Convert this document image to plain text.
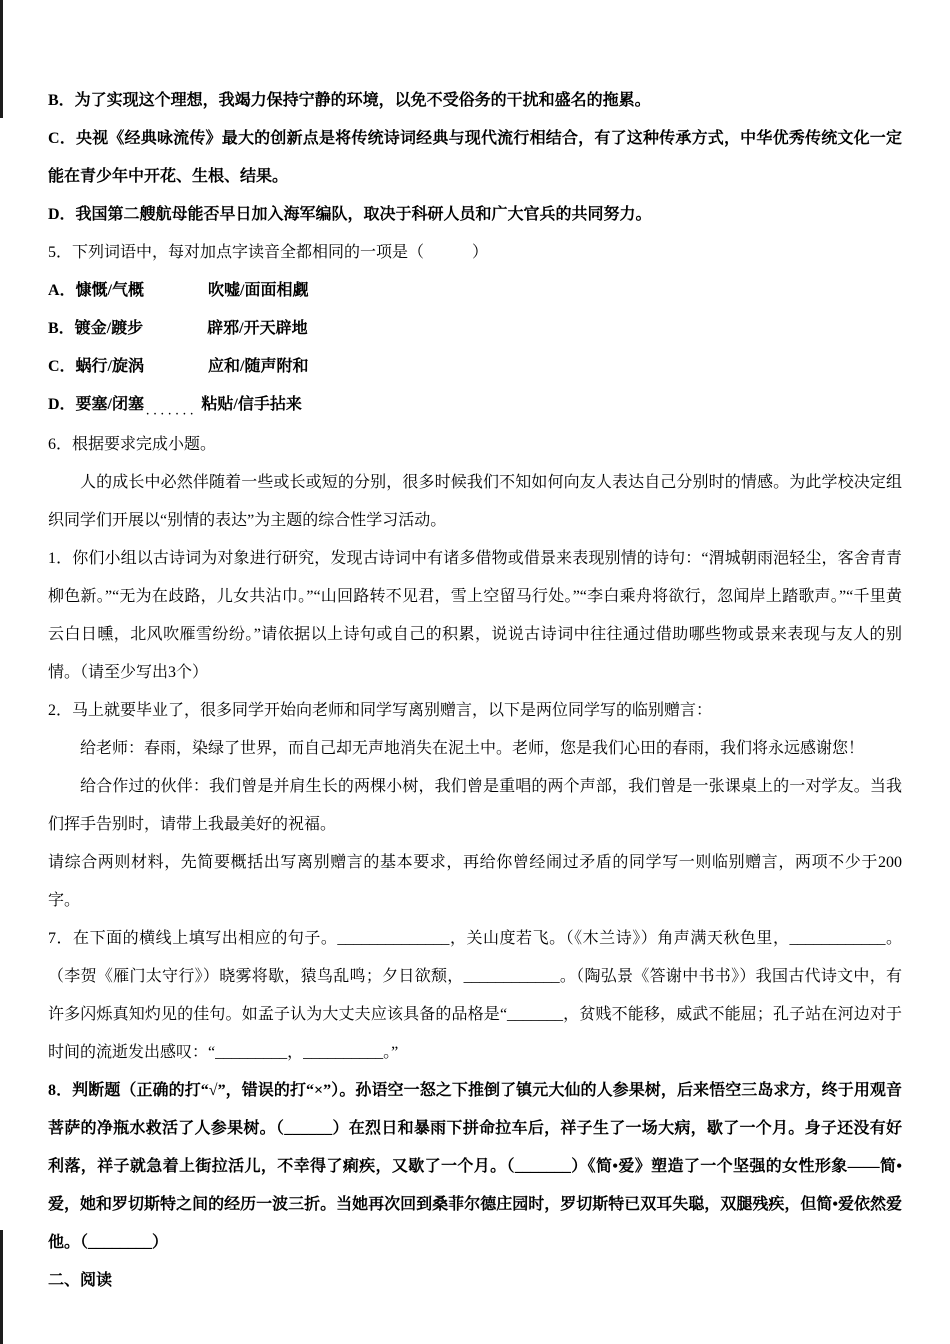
B．为了实现这个理想，我竭力保持宁静的环境，以免不受俗务的干扰和盛名的拖累。

C．央视《经典咏流传》最大的创新点是将传统诗词经典与现代流行相结合，有了这种传承方式，中华优秀传统文化一定能在青少年中开花、生根、结果。

D．我国第二艘航母能否早日加入海军编队，取决于科研人员和广大官兵的共同努力。

5．下列词语中，每对加点字读音全都相同的一项是（　　　）

A．慷慨/气概　　　　吹嘘/面面相觑

B．镀金/踱步　　　　辟邪/开天辟地

C．蜗行/旋涡　　　　应和/随声附和

D．要塞/闭塞·······粘贴/信手拈来

6．根据要求完成小题。

人的成长中必然伴随着一些或长或短的分别，很多时候我们不知如何向友人表达自己分别时的情感。为此学校决定组织同学们开展以“别情的表达”为主题的综合性学习活动。

1．你们小组以古诗词为对象进行研究，发现古诗词中有诸多借物或借景来表现别情的诗句：“渭城朝雨浥轻尘，客舍青青柳色新。”“无为在歧路，儿女共沾巾。”“山回路转不见君，雪上空留马行处。”“李白乘舟将欲行，忽闻岸上踏歌声。”“千里黄云白日曛，北风吹雁雪纷纷。”请依据以上诗句或自己的积累，说说古诗词中往往通过借助哪些物或景来表现与友人的别情。（请至少写出3个）

2．马上就要毕业了，很多同学开始向老师和同学写离别赠言，以下是两位同学写的临别赠言：

给老师：春雨，染绿了世界，而自己却无声地消失在泥土中。老师，您是我们心田的春雨，我们将永远感谢您！

给合作过的伙伴：我们曾是并肩生长的两棵小树，我们曾是重唱的两个声部，我们曾是一张课桌上的一对学友。当我们挥手告别时，请带上我最美好的祝福。

请综合两则材料，先简要概括出写离别赠言的基本要求，再给你曾经闹过矛盾的同学写一则临别赠言，两项不少于200字。

7．在下面的横线上填写出相应的句子。______________，关山度若飞。（《木兰诗》）角声满天秋色里，____________。（李贺《雁门太守行》）晓雾将歇，猿鸟乱鸣；夕日欲颓，____________。（陶弘景《答谢中书书》）我国古代诗文中，有许多闪烁真知灼见的佳句。如孟子认为大丈夫应该具备的品格是“_______，贫贱不能移，威武不能屈；孔子站在河边对于时间的流逝发出感叹：“_________，__________。”

8．判断题（正确的打“√”，错误的打“×”）。孙语空一怒之下推倒了镇元大仙的人参果树，后来悟空三岛求方，终于用观音菩萨的净瓶水救活了人参果树。（______）在烈日和暴雨下拼命拉车后，祥子生了一场大病，歇了一个月。身子还没有好利落，祥子就急着上街拉活儿，不幸得了痢疾，又歇了一个月。（_______）《简•爱》塑造了一个坚强的女性形象——简•爱，她和罗切斯特之间的经历一波三折。当她再次回到桑菲尔德庄园时，罗切斯特已双耳失聪，双腿残疾，但简•爱依然爱他。（________）

二、阅读
